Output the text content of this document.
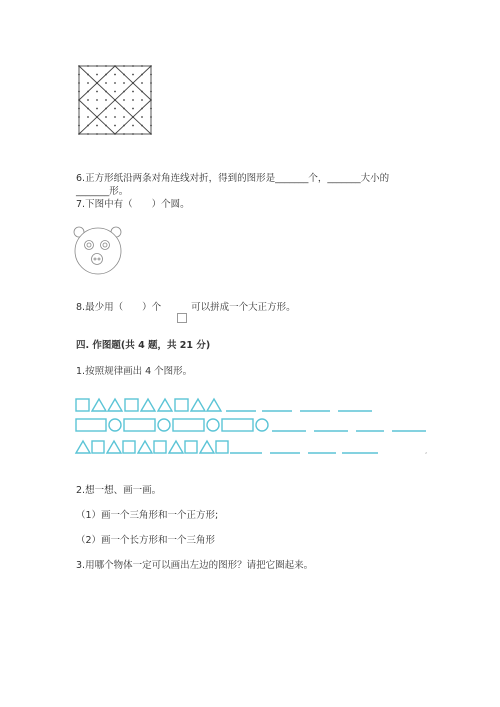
6.正方形纸沿两条对角连线对折，得到的图形是_______个，_______大小的
_______形。
7.下图中有（　　）个圆。
8.最少用（　　）个	可以拼成一个大正方形。
四. 作图题(共 4 题，共 21 分)
1.按照规律画出 4 个图形。
,
2.想一想、画一画。
（1）画一个三角形和一个正方形;
（2）画一个长方形和一个三角形
3.用哪个物体一定可以画出左边的图形？请把它圈起来。
